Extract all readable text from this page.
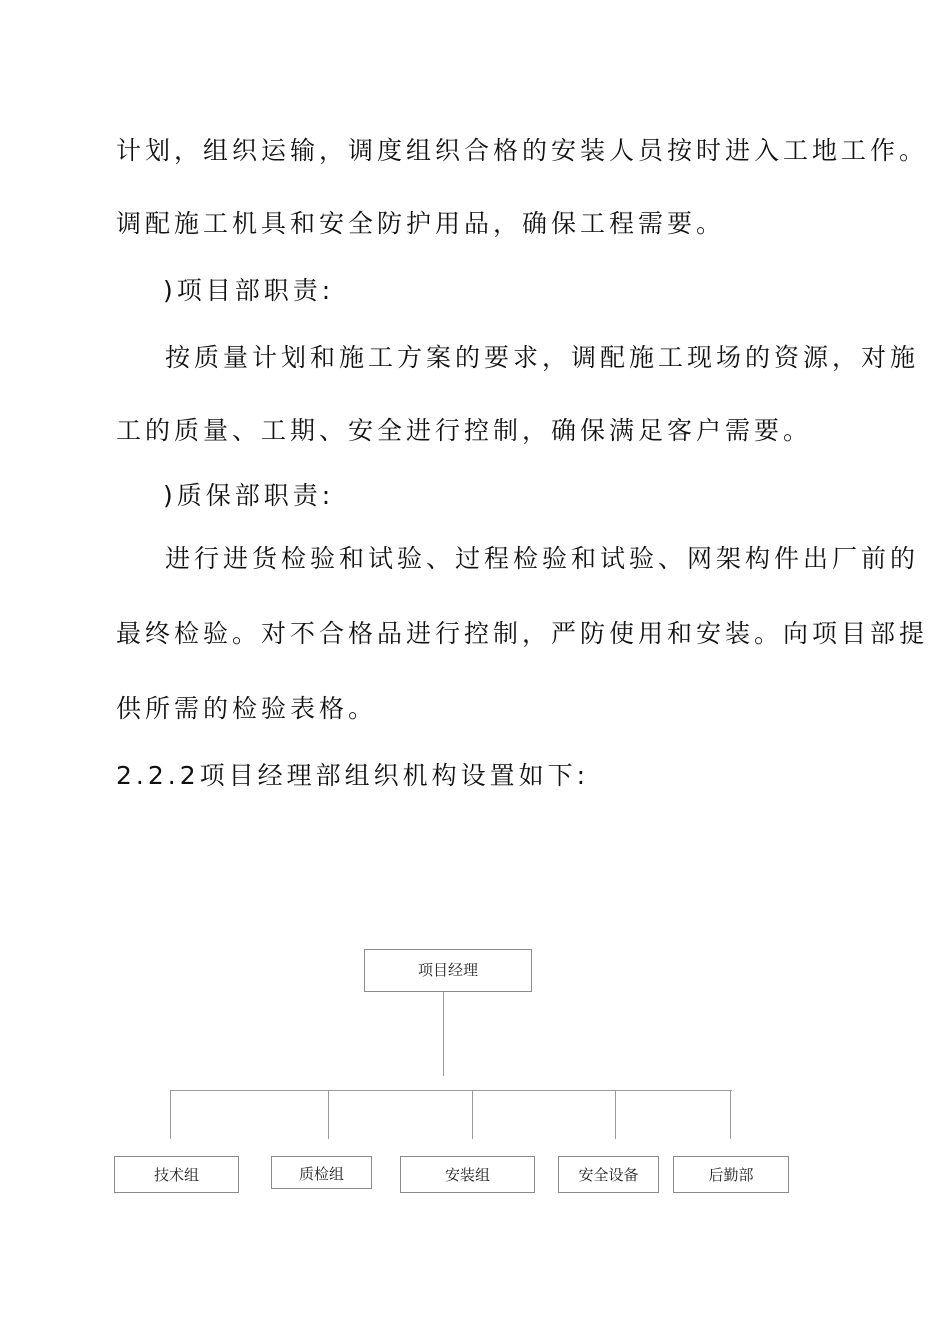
计划，组织运输，调度组织合格的安装人员按时进入工地工作。
调配施工机具和安全防护用品，确保工程需要。
)项目部职责:
按质量计划和施工方案的要求，调配施工现场的资源，对施
工的质量、工期、安全进行控制，确保满足客户需要。
)质保部职责:
进行进货检验和试验、过程检验和试验、网架构件出厂前的
最终检验。对不合格品进行控制，严防使用和安装。向项目部提
供所需的检验表格。
2.2.2项目经理部组织机构设置如下:
项目经理
技术组	质检组	安装组	安全设备	后勤部
